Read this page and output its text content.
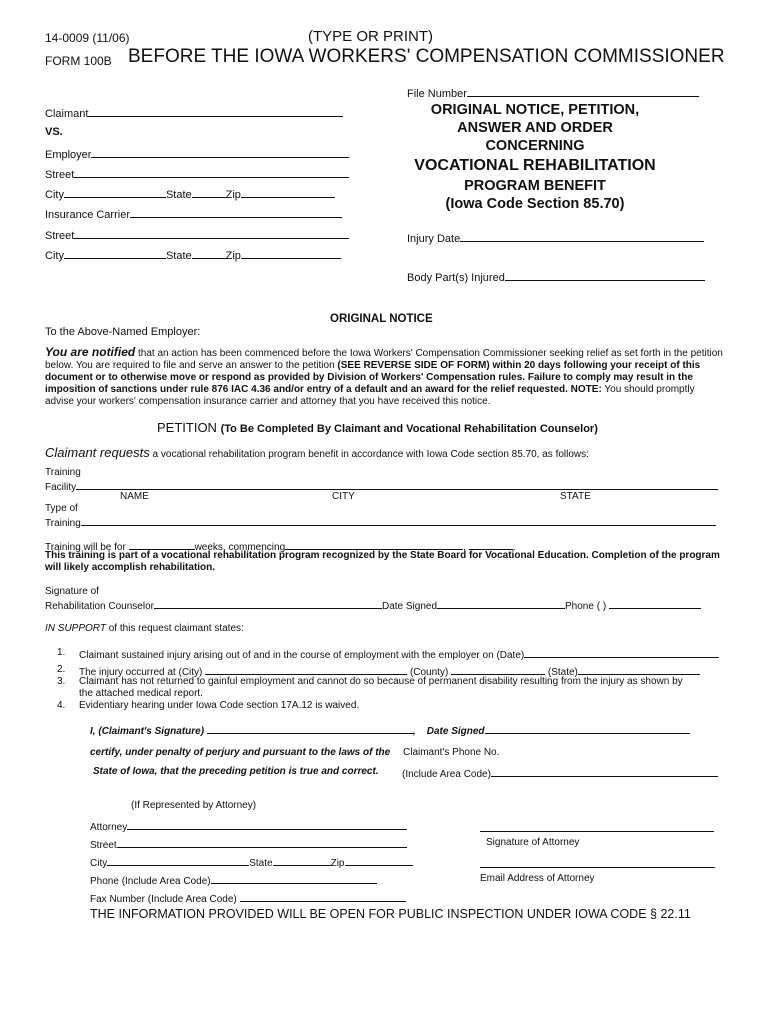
14-0009 (11/06)	(TYPE OR PRINT)
FORM 100B BEFORE THE IOWA WORKERS' COMPENSATION COMMISSIONER
Claimant
VS.
Employer
Street
City	State	Zip
Insurance Carrier
Street
City	State	Zip
File Number
ORIGINAL NOTICE, PETITION,
ANSWER AND ORDER
CONCERNING
VOCATIONAL REHABILITATION
PROGRAM BENEFIT
(Iowa Code Section 85.70)
Injury Date
Body Part(s) Injured
ORIGINAL NOTICE
To the Above-Named Employer:
You are notified that an action has been commenced before the Iowa Workers' Compensation Commissioner seeking relief as set forth in the petition below. You are required to file and serve an answer to the petition (SEE REVERSE SIDE OF FORM) within 20 days following your receipt of this document or to otherwise move or respond as provided by Division of Workers' Compensation rules. Failure to comply may result in the imposition of sanctions under rule 876 IAC 4.36 and/or entry of a default and an award for the relief requested. NOTE: You should promptly advise your workers' compensation insurance carrier and attorney that you have received this notice.
PETITION (To Be Completed By Claimant and Vocational Rehabilitation Counselor)
Claimant requests a vocational rehabilitation program benefit in accordance with Iowa Code section 85.70, as follows:
Training
Facility
NAME	CITY	STATE
Type of
Training
Training will be for	weeks, commencing	,	.
This training is part of a vocational rehabilitation program recognized by the State Board for Vocational Education. Completion of the program will likely accomplish rehabilitation.
Signature of
Rehabilitation Counselor	Date Signed	Phone ( )
IN SUPPORT of this request claimant states:
1. Claimant sustained injury arising out of and in the course of employment with the employer on (Date)
2. The injury occurred at (City)	(County)	(State)
3. Claimant has not returned to gainful employment and cannot do so because of permanent disability resulting from the injury as shown by
the attached medical report.
4. Evidentiary hearing under Iowa Code section 17A.12 is waived.
I, (Claimant's Signature)	,    Date Signed
certify, under penalty of perjury and pursuant to the laws of the Claimant's Phone No.
State of Iowa, that the preceding petition is true and correct. (Include Area Code)
(If Represented by Attorney)
Attorney
Street	Signature of Attorney
City	State	Zip
Phone (Include Area Code)	Email Address of Attorney
Fax Number (Include Area Code)
THE INFORMATION PROVIDED WILL BE OPEN FOR PUBLIC INSPECTION UNDER IOWA CODE § 22.11
